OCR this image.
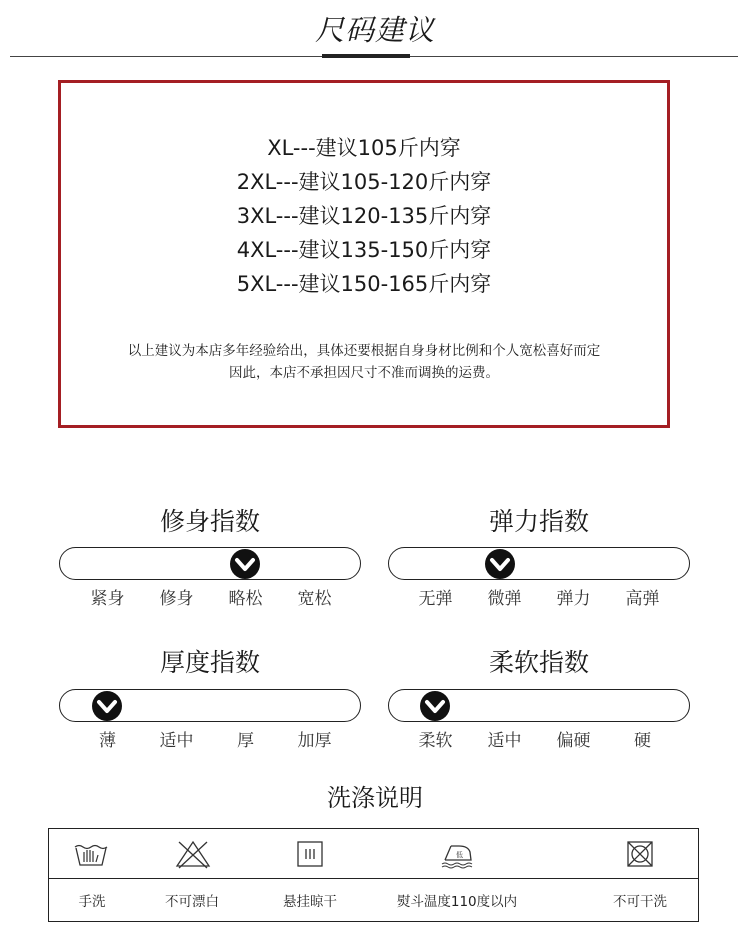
尺码建议
XL---建议105斤内穿
2XL---建议105-120斤内穿
3XL---建议120-135斤内穿
4XL---建议135-150斤内穿
5XL---建议150-165斤内穿
以上建议为本店多年经验给出，具体还要根据自身身材比例和个人宽松喜好而定
因此，本店不承担因尺寸不准而调换的运费。
修身指数
紧身	修身	略松	宽松
弹力指数
无弹	微弹	弹力	高弹
厚度指数
薄	适中	厚	加厚
柔软指数
柔软	适中	偏硬	硬
洗涤说明
低
手洗	不可漂白	悬挂晾干	熨斗温度110度以内	不可干洗
